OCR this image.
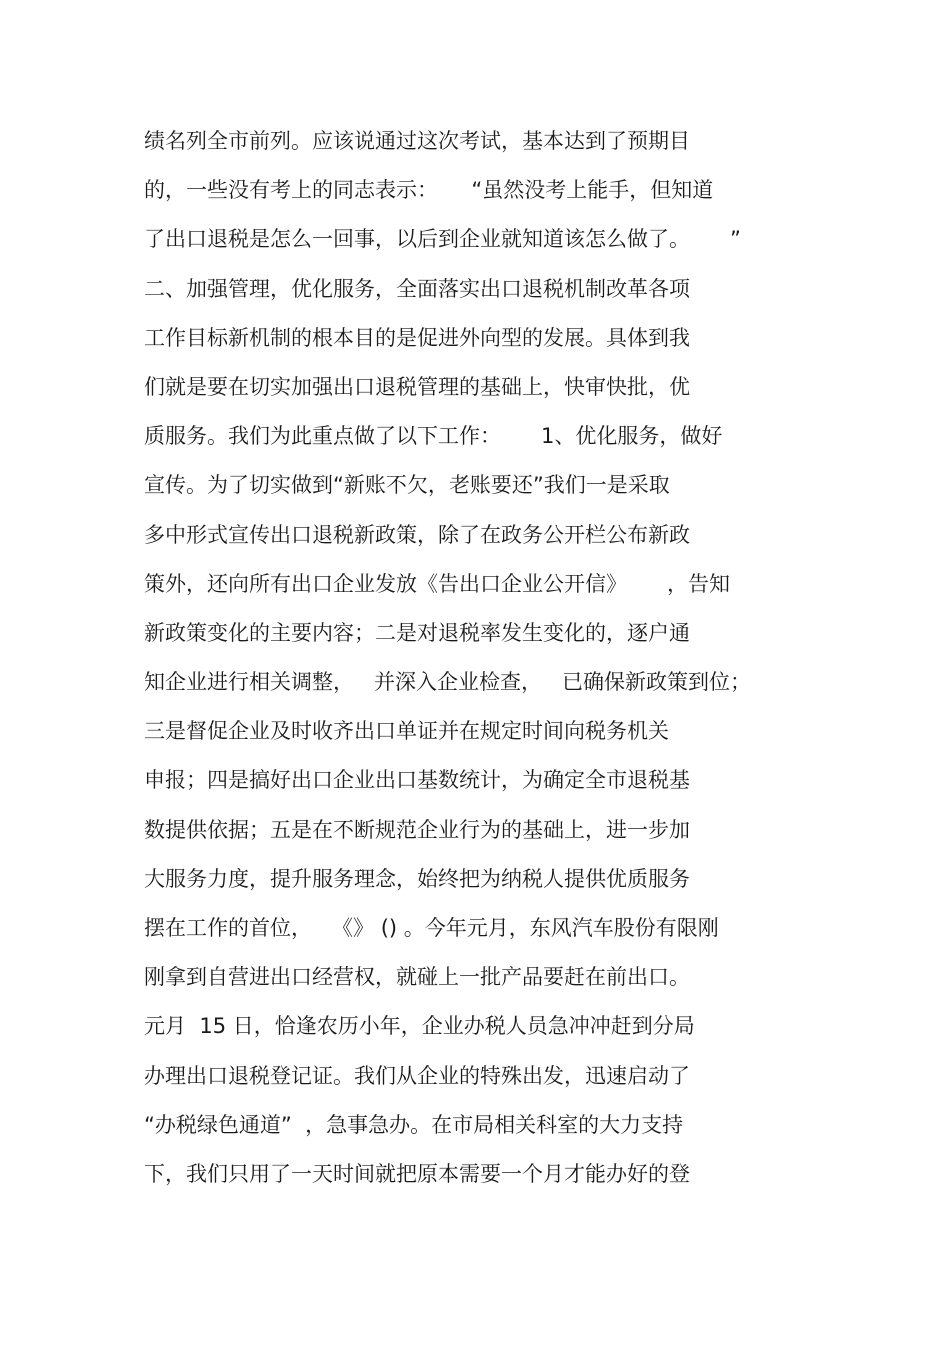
绩名列全市前列。应该说通过这次考试，基本达到了预期目
的，一些没有考上的同志表示：     “虽然没考上能手，但知道
了出口退税是怎么一回事，以后到企业就知道该怎么做了。      ”
二、加强管理，优化服务，全面落实出口退税机制改革各项
工作目标新机制的根本目的是促进外向型的发展。具体到我
们就是要在切实加强出口退税管理的基础上，快审快批，优
质服务。我们为此重点做了以下工作：      1、优化服务，做好
宣传。为了切实做到“新账不欠，老账要还”我们一是采取
多中形式宣传出口退税新政策，除了在政务公开栏公布新政
策外，还向所有出口企业发放《告出口企业公开信》      ，告知
新政策变化的主要内容；二是对退税率发生变化的，逐户通
知企业进行相关调整，   并深入企业检查，   已确保新政策到位；
三是督促企业及时收齐出口单证并在规定时间向税务机关
申报；四是搞好出口企业出口基数统计，为确定全市退税基
数提供依据；五是在不断规范企业行为的基础上，进一步加
大服务力度，提升服务理念，始终把为纳税人提供优质服务
摆在工作的首位，   《》 () 。今年元月，东风汽车股份有限刚
刚拿到自营进出口经营权，就碰上一批产品要赶在前出口。
元月  15 日，恰逢农历小年，企业办税人员急冲冲赶到分局
办理出口退税登记证。我们从企业的特殊出发，迅速启动了
“办税绿色通道”  ，急事急办。在市局相关科室的大力支持
下，我们只用了一天时间就把原本需要一个月才能办好的登
